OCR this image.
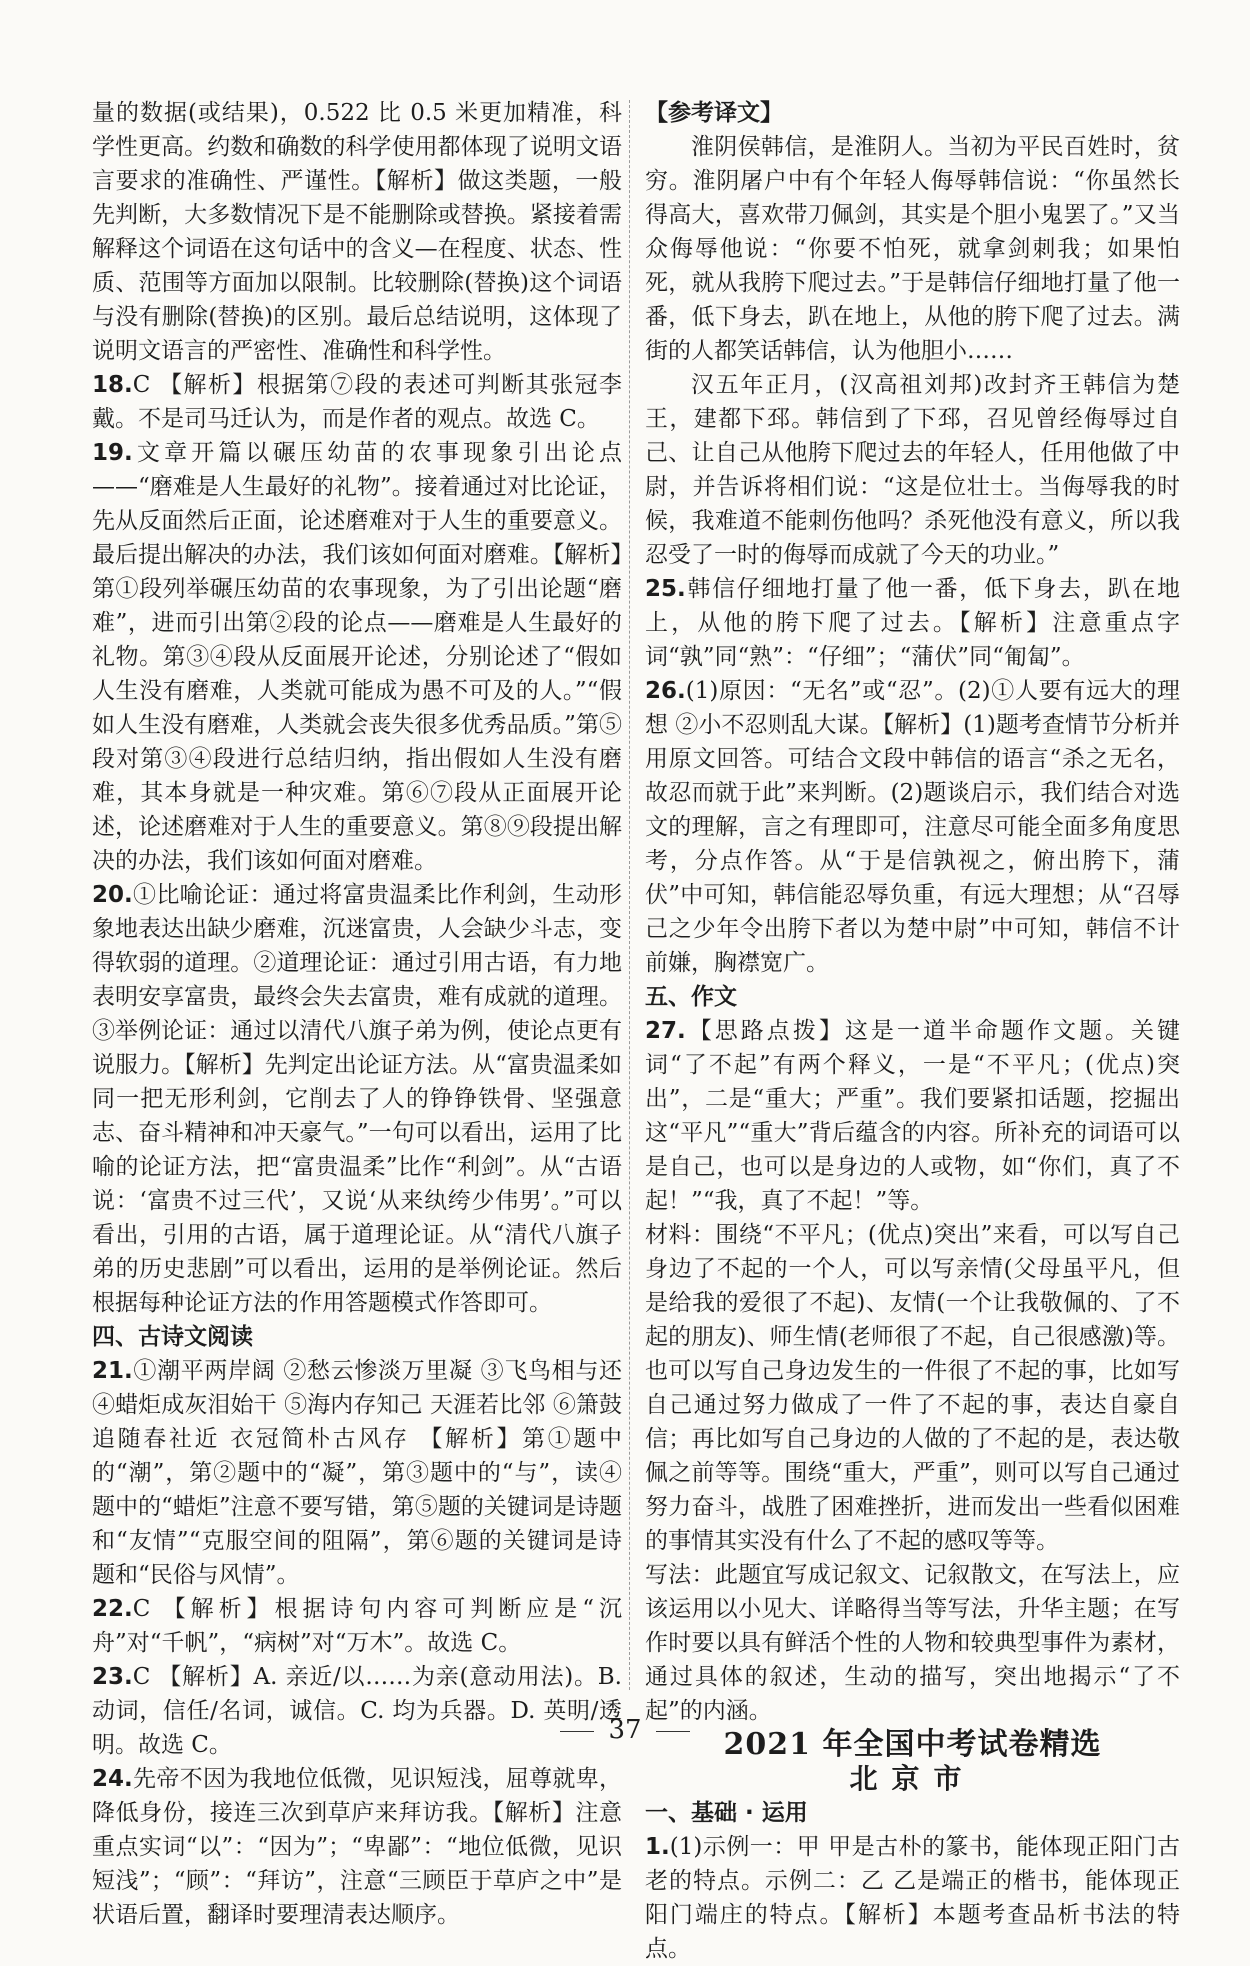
量的数据(或结果)，0.522 比 0.5 米更加精准，科学性更高。约数和确数的科学使用都体现了说明文语言要求的准确性、严谨性。【解析】做这类题，一般先判断，大多数情况下是不能删除或替换。紧接着需解释这个词语在这句话中的含义—在程度、状态、性质、范围等方面加以限制。比较删除(替换)这个词语与没有删除(替换)的区别。最后总结说明，这体现了说明文语言的严密性、准确性和科学性。

18.C 【解析】根据第⑦段的表述可判断其张冠李戴。不是司马迁认为，而是作者的观点。故选 C。

19.文章开篇以碾压幼苗的农事现象引出论点——“磨难是人生最好的礼物”。接着通过对比论证，先从反面然后正面，论述磨难对于人生的重要意义。最后提出解决的办法，我们该如何面对磨难。【解析】第①段列举碾压幼苗的农事现象，为了引出论题“磨难”，进而引出第②段的论点——磨难是人生最好的礼物。第③④段从反面展开论述，分别论述了“假如人生没有磨难，人类就可能成为愚不可及的人。”“假如人生没有磨难，人类就会丧失很多优秀品质。”第⑤段对第③④段进行总结归纳，指出假如人生没有磨难，其本身就是一种灾难。第⑥⑦段从正面展开论述，论述磨难对于人生的重要意义。第⑧⑨段提出解决的办法，我们该如何面对磨难。

20.①比喻论证：通过将富贵温柔比作利剑，生动形象地表达出缺少磨难，沉迷富贵，人会缺少斗志，变得软弱的道理。②道理论证：通过引用古语，有力地表明安享富贵，最终会失去富贵，难有成就的道理。③举例论证：通过以清代八旗子弟为例，使论点更有说服力。【解析】先判定出论证方法。从“富贵温柔如同一把无形利剑，它削去了人的铮铮铁骨、坚强意志、奋斗精神和冲天豪气。”一句可以看出，运用了比喻的论证方法，把“富贵温柔”比作“利剑”。从“古语说：‘富贵不过三代’，又说‘从来纨绔少伟男’。”可以看出，引用的古语，属于道理论证。从“清代八旗子弟的历史悲剧”可以看出，运用的是举例论证。然后根据每种论证方法的作用答题模式作答即可。

四、古诗文阅读

21.①潮平两岸阔 ②愁云惨淡万里凝 ③飞鸟相与还 ④蜡炬成灰泪始干 ⑤海内存知己 天涯若比邻 ⑥箫鼓追随春社近 衣冠简朴古风存 【解析】第①题中的“潮”，第②题中的“凝”，第③题中的“与”，读④题中的“蜡炬”注意不要写错，第⑤题的关键词是诗题和“友情”“克服空间的阻隔”，第⑥题的关键词是诗题和“民俗与风情”。

22.C 【解析】根据诗句内容可判断应是“沉舟”对“千帆”，“病树”对“万木”。故选 C。

23.C 【解析】A. 亲近/以……为亲(意动用法)。B. 动词，信任/名词，诚信。C. 均为兵器。D. 英明/透明。故选 C。

24.先帝不因为我地位低微，见识短浅，屈尊就卑，降低身份，接连三次到草庐来拜访我。【解析】注意重点实词“以”：“因为”；“卑鄙”：“地位低微，见识短浅”；“顾”：“拜访”，注意“三顾臣于草庐之中”是状语后置，翻译时要理清表达顺序。

【参考译文】

淮阴侯韩信，是淮阴人。当初为平民百姓时，贫穷。淮阴屠户中有个年轻人侮辱韩信说：“你虽然长得高大，喜欢带刀佩剑，其实是个胆小鬼罢了。”又当众侮辱他说：“你要不怕死，就拿剑刺我；如果怕死，就从我胯下爬过去。”于是韩信仔细地打量了他一番，低下身去，趴在地上，从他的胯下爬了过去。满街的人都笑话韩信，认为他胆小……

汉五年正月，(汉高祖刘邦)改封齐王韩信为楚王，建都下邳。韩信到了下邳，召见曾经侮辱过自己、让自己从他胯下爬过去的年轻人，任用他做了中尉，并告诉将相们说：“这是位壮士。当侮辱我的时候，我难道不能刺伤他吗？杀死他没有意义，所以我忍受了一时的侮辱而成就了今天的功业。”

25.韩信仔细地打量了他一番，低下身去，趴在地上，从他的胯下爬了过去。【解析】注意重点字词“孰”同“熟”：“仔细”；“蒲伏”同“匍匐”。

26.(1)原因：“无名”或“忍”。(2)①人要有远大的理想 ②小不忍则乱大谋。【解析】(1)题考查情节分析并用原文回答。可结合文段中韩信的语言“杀之无名，故忍而就于此”来判断。(2)题谈启示，我们结合对选文的理解，言之有理即可，注意尽可能全面多角度思考，分点作答。从“于是信孰视之，俯出胯下，蒲伏”中可知，韩信能忍辱负重，有远大理想；从“召辱己之少年令出胯下者以为楚中尉”中可知，韩信不计前嫌，胸襟宽广。

五、作文

27.【思路点拨】这是一道半命题作文题。关键词“了不起”有两个释义，一是“不平凡；(优点)突出”，二是“重大；严重”。我们要紧扣话题，挖掘出这“平凡”“重大”背后蕴含的内容。所补充的词语可以是自己，也可以是身边的人或物，如“你们，真了不起！”“我，真了不起！”等。

材料：围绕“不平凡；(优点)突出”来看，可以写自己身边了不起的一个人，可以写亲情(父母虽平凡，但是给我的爱很了不起)、友情(一个让我敬佩的、了不起的朋友)、师生情(老师很了不起，自己很感激)等。也可以写自己身边发生的一件很了不起的事，比如写自己通过努力做成了一件了不起的事，表达自豪自信；再比如写自己身边的人做的了不起的是，表达敬佩之前等等。围绕“重大，严重”，则可以写自己通过努力奋斗，战胜了困难挫折，进而发出一些看似困难的事情其实没有什么了不起的感叹等等。

写法：此题宜写成记叙文、记叙散文，在写法上，应该运用以小见大、详略得当等写法，升华主题；在写作时要以具有鲜活个性的人物和较典型事件为素材，通过具体的叙述，生动的描写，突出地揭示“了不起”的内涵。

2021 年全国中考试卷精选

北京市

一、基础 · 运用

1.(1)示例一：甲 甲是古朴的篆书，能体现正阳门古老的特点。示例二：乙 乙是端正的楷书，能体现正阳门端庄的特点。【解析】本题考查品析书法的特点。

37
